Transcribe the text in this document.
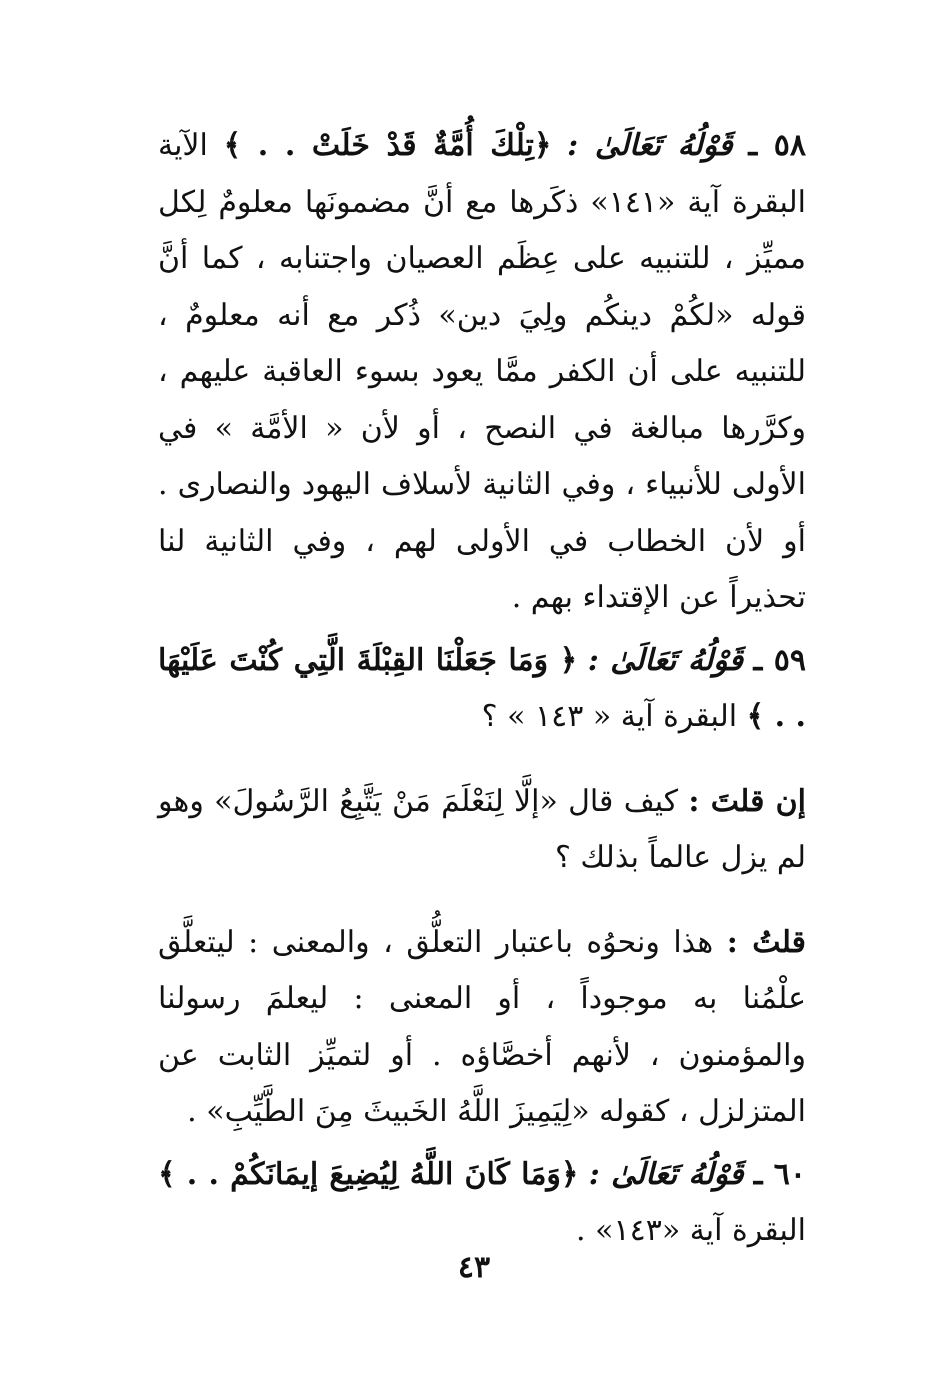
٥٨ ـ قَوْلُهُ تَعَالَىٰ : ﴿تِلْكَ أُمَّةٌ قَدْ خَلَتْ . . ﴾ الآية البقرة آية «١٤١» ذكَرها مع أنَّ مضمونَها معلومٌ لِكل مميِّز ، للتنبيه على عِظَم العصيان واجتنابه ، كما أنَّ قوله «لكُمْ دينكُم ولِيَ دين» ذُكر مع أنه معلومٌ ، للتنبيه على أن الكفر ممَّا يعود بسوء العاقبة عليهم ، وكرَّرها مبالغة في النصح ، أو لأن « الأمَّة » في الأولى للأنبياء ، وفي الثانية لأسلاف اليهود والنصارى . أو لأن الخطاب في الأولى لهم ، وفي الثانية لنا تحذيراً عن الإقتداء بهم .

٥٩ ـ قَوْلُهُ تَعَالَىٰ : ﴿ وَمَا جَعَلْنَا القِبْلَةَ الَّتِي كُنْتَ عَلَيْهَا . . ﴾ البقرة آية « ١٤٣ » ؟

إن قلتَ : كيف قال «إلَّا لِنَعْلَمَ مَنْ يَتَّبِعُ الرَّسُولَ» وهو لم يزل عالماً بذلك ؟

قلتُ : هذا ونحوُه باعتبار التعلُّق ، والمعنى : ليتعلَّق علْمُنا به موجوداً ، أو المعنى : ليعلمَ رسولنا والمؤمنون ، لأنهم أخصَّاؤه . أو لتميِّز الثابت عن المتزلزل ، كقوله «لِيَمِيزَ اللَّهُ الخَبيثَ مِنَ الطَّيِّبِ» .

٦٠ ـ قَوْلُهُ تَعَالَىٰ : ﴿وَمَا كَانَ اللَّهُ لِيُضِيعَ إيمَانَكُمْ . . ﴾ البقرة آية «١٤٣» .

٤٣
